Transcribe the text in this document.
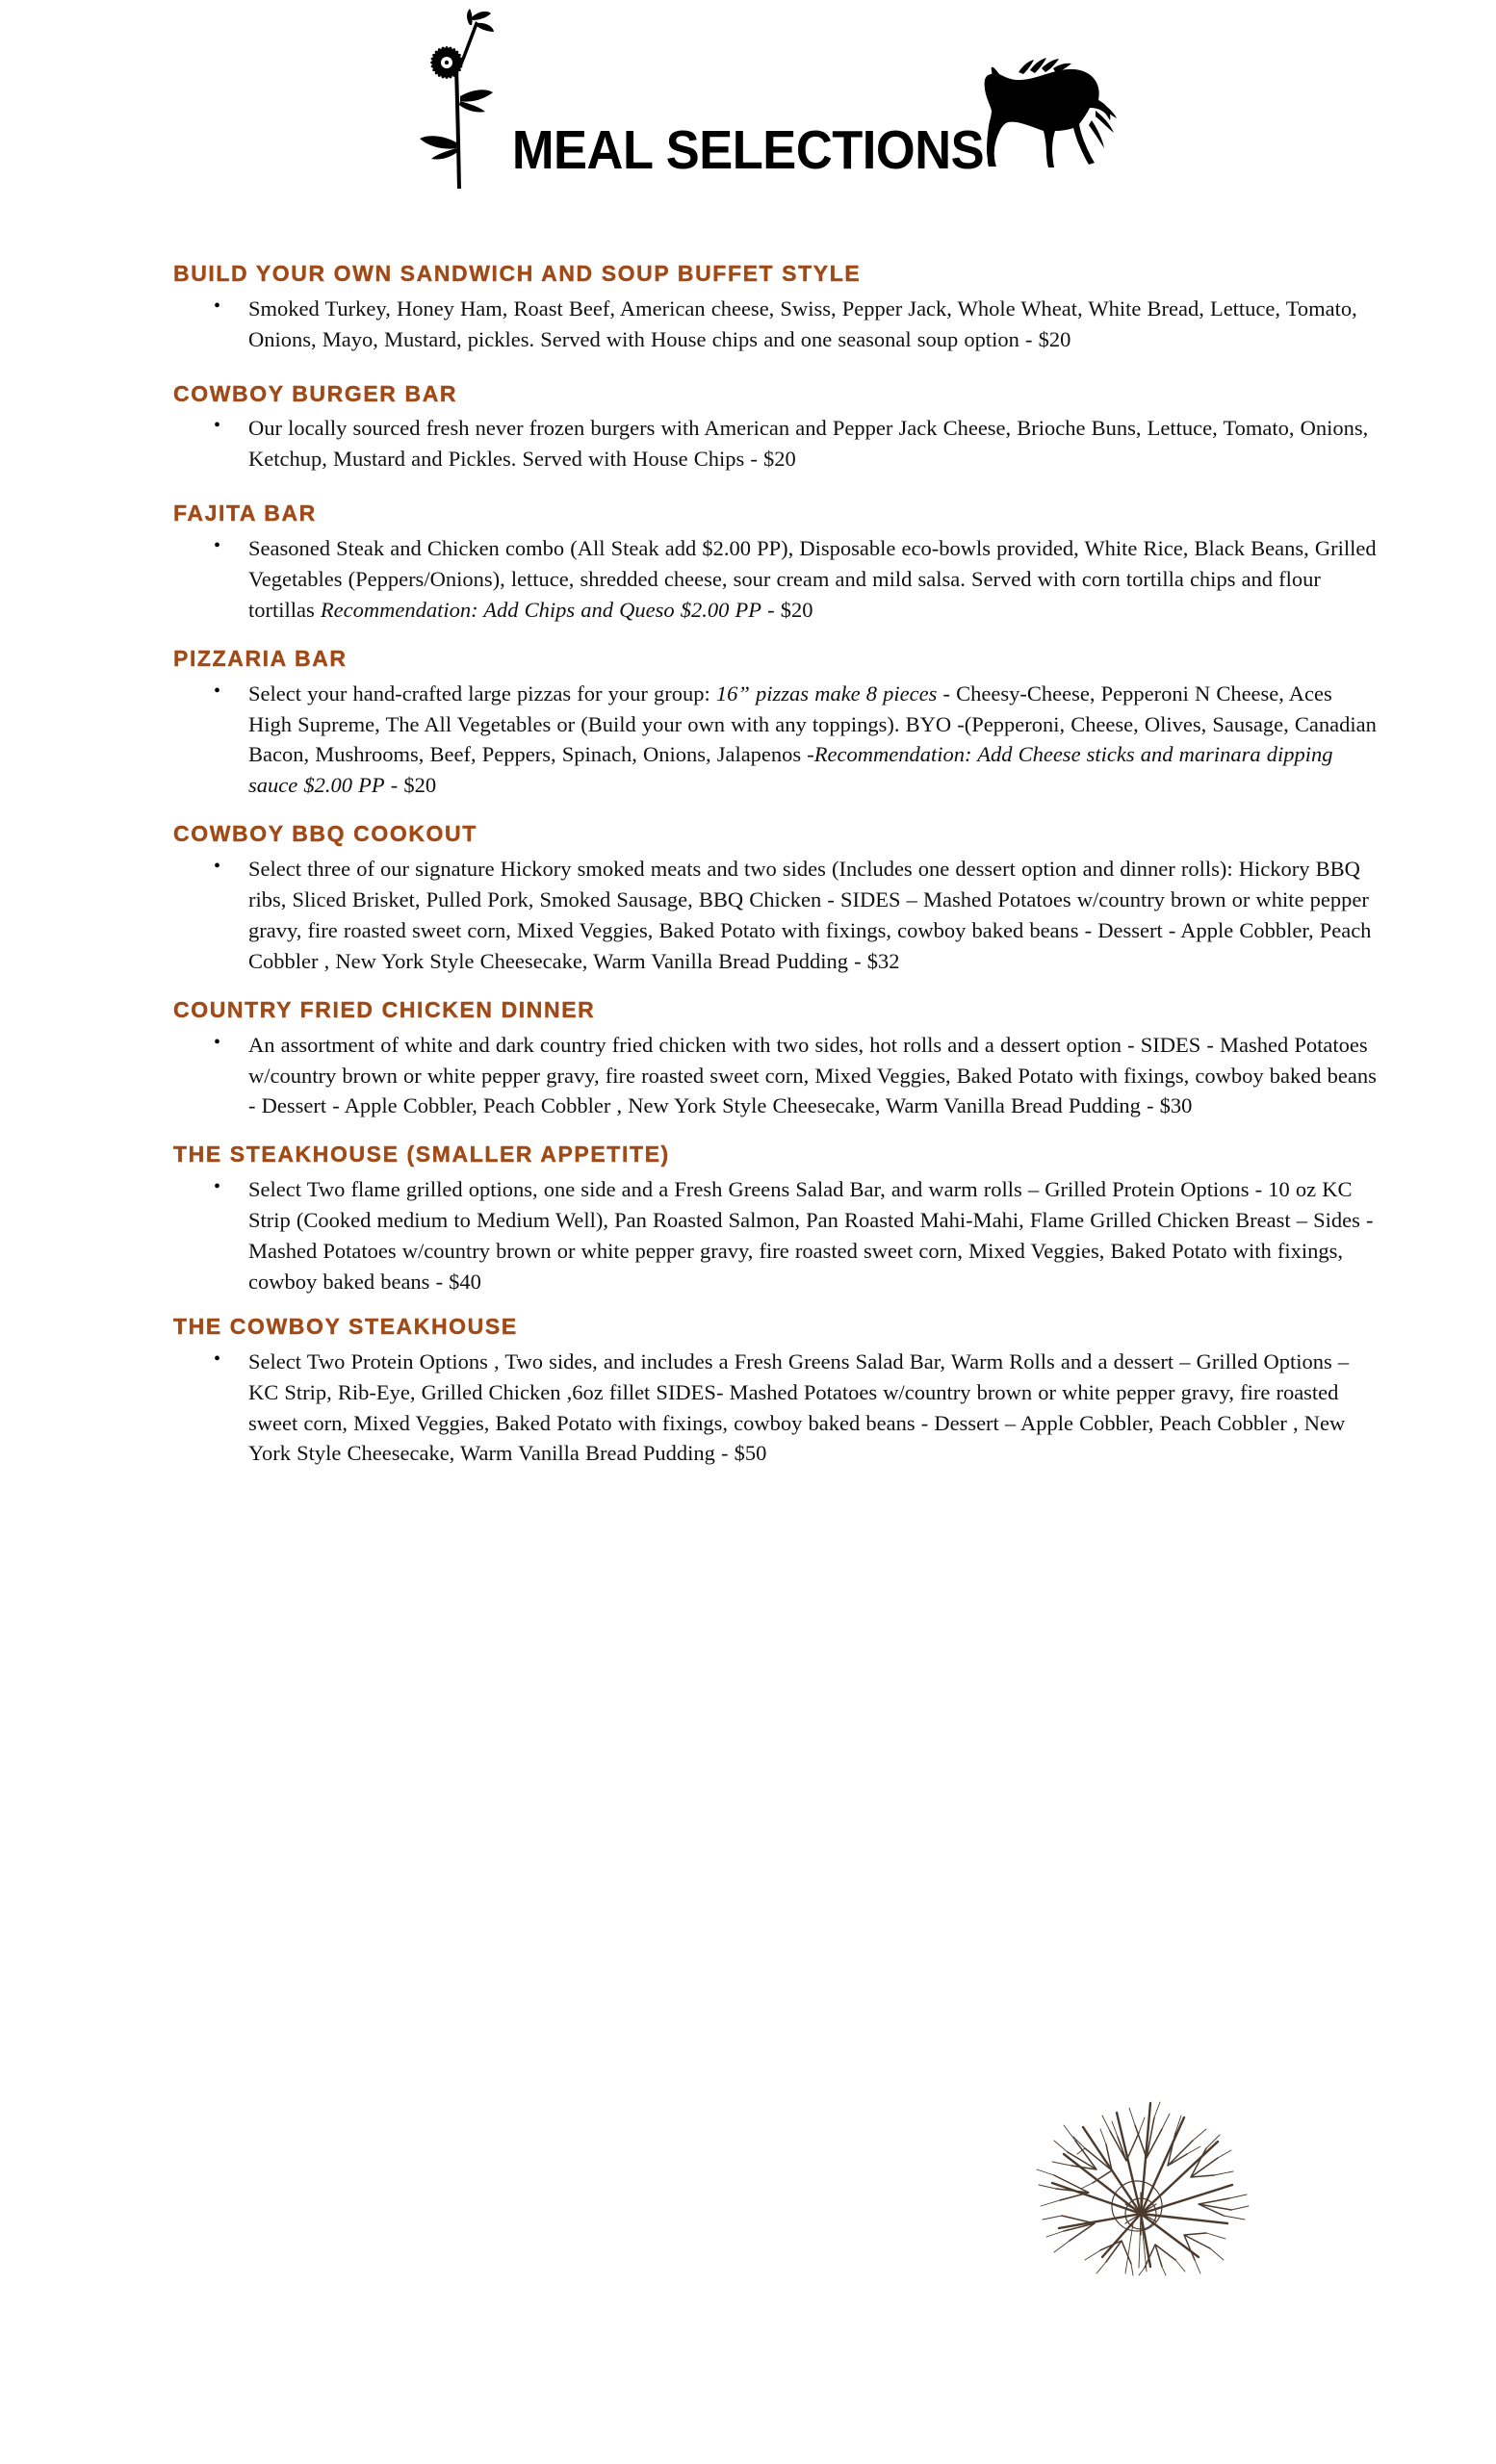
MEAL SELECTIONS
BUILD YOUR OWN SANDWICH AND SOUP BUFFET STYLE
• Smoked Turkey, Honey Ham, Roast Beef, American cheese, Swiss, Pepper Jack, Whole Wheat, White Bread, Lettuce, Tomato, Onions, Mayo, Mustard, pickles. Served with House chips and one seasonal soup option - $20
COWBOY BURGER BAR
• Our locally sourced fresh never frozen burgers with American and Pepper Jack Cheese, Brioche Buns, Lettuce, Tomato, Onions, Ketchup, Mustard and Pickles. Served with House Chips - $20
FAJITA BAR
• Seasoned Steak and Chicken combo (All Steak add $2.00 PP), Disposable eco-bowls provided, White Rice, Black Beans, Grilled Vegetables (Peppers/Onions), lettuce, shredded cheese, sour cream and mild salsa. Served with corn tortilla chips and flour tortillas Recommendation: Add Chips and Queso $2.00 PP - $20
PIZZARIA BAR
• Select your hand-crafted large pizzas for your group: 16” pizzas make 8 pieces - Cheesy-Cheese, Pepperoni N Cheese, Aces High Supreme, The All Vegetables or (Build your own with any toppings). BYO -(Pepperoni, Cheese, Olives, Sausage, Canadian Bacon, Mushrooms, Beef, Peppers, Spinach, Onions, Jalapenos -Recommendation: Add Cheese sticks and marinara dipping sauce $2.00 PP - $20
COWBOY BBQ COOKOUT
• Select three of our signature Hickory smoked meats and two sides (Includes one dessert option and dinner rolls): Hickory BBQ ribs, Sliced Brisket, Pulled Pork, Smoked Sausage, BBQ Chicken - SIDES – Mashed Potatoes w/country brown or white pepper gravy, fire roasted sweet corn, Mixed Veggies, Baked Potato with fixings, cowboy baked beans - Dessert - Apple Cobbler, Peach Cobbler , New York Style Cheesecake, Warm Vanilla Bread Pudding - $32
COUNTRY FRIED CHICKEN DINNER
• An assortment of white and dark country fried chicken with two sides, hot rolls and a dessert option - SIDES - Mashed Potatoes w/country brown or white pepper gravy, fire roasted sweet corn, Mixed Veggies, Baked Potato with fixings, cowboy baked beans - Dessert - Apple Cobbler, Peach Cobbler , New York Style Cheesecake, Warm Vanilla Bread Pudding - $30
THE STEAKHOUSE (SMALLER APPETITE)
• Select Two flame grilled options, one side and a Fresh Greens Salad Bar, and warm rolls – Grilled Protein Options - 10 oz KC Strip (Cooked medium to Medium Well), Pan Roasted Salmon, Pan Roasted Mahi-Mahi, Flame Grilled Chicken Breast – Sides -Mashed Potatoes w/country brown or white pepper gravy, fire roasted sweet corn, Mixed Veggies, Baked Potato with fixings, cowboy baked beans - $40
THE COWBOY STEAKHOUSE
• Select Two Protein Options , Two sides, and includes a Fresh Greens Salad Bar, Warm Rolls and a dessert – Grilled Options – KC Strip, Rib-Eye, Grilled Chicken ,6oz fillet SIDES- Mashed Potatoes w/country brown or white pepper gravy, fire roasted sweet corn, Mixed Veggies, Baked Potato with fixings, cowboy baked beans - Dessert – Apple Cobbler, Peach Cobbler , New York Style Cheesecake, Warm Vanilla Bread Pudding - $50
